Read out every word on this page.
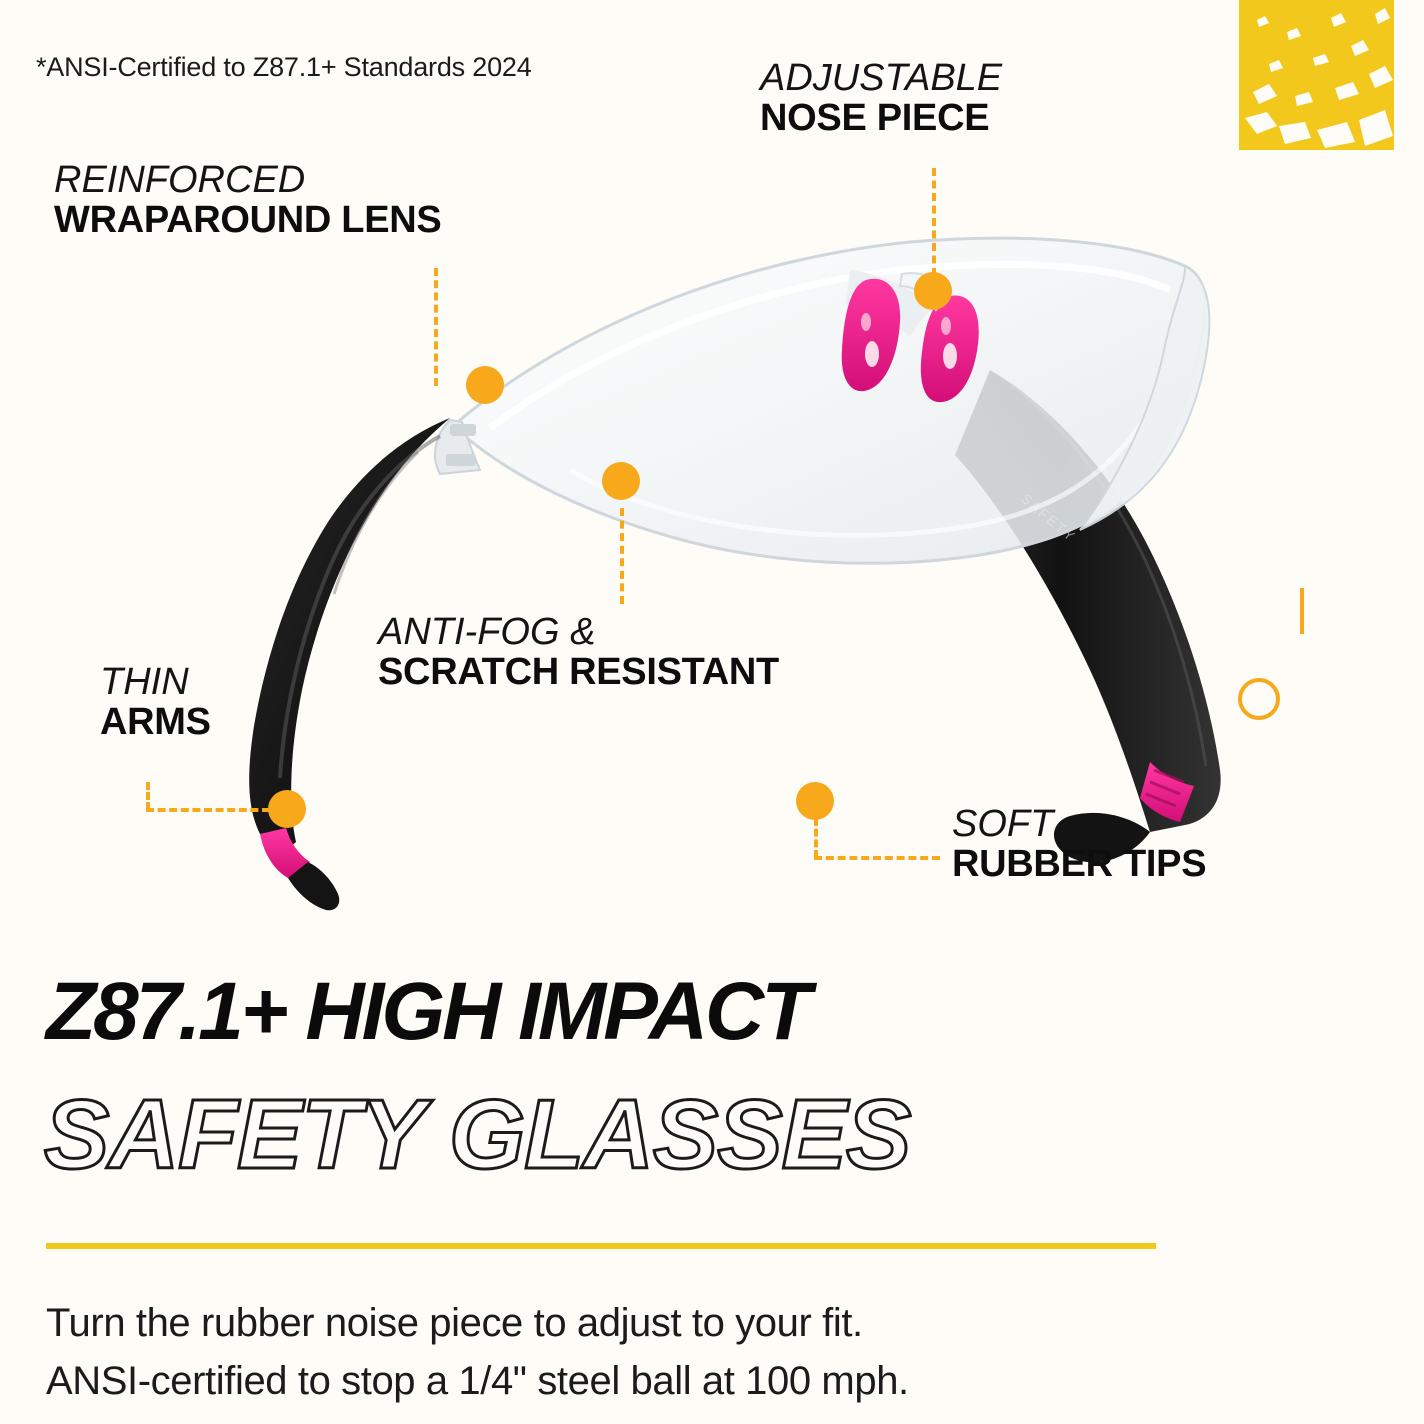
*ANSI-Certified to Z87.1+ Standards 2024
REINFORCED
WRAPAROUND LENS
ADJUSTABLE
NOSE PIECE
ANTI-FOG &
SCRATCH RESISTANT
THIN
ARMS
SOFT
RUBBER TIPS
Z87.1+ HIGH IMPACT
SAFETY GLASSES
Turn the rubber noise piece to adjust to your fit.
ANSI-certified to stop a 1/4" steel ball at 100 mph.
